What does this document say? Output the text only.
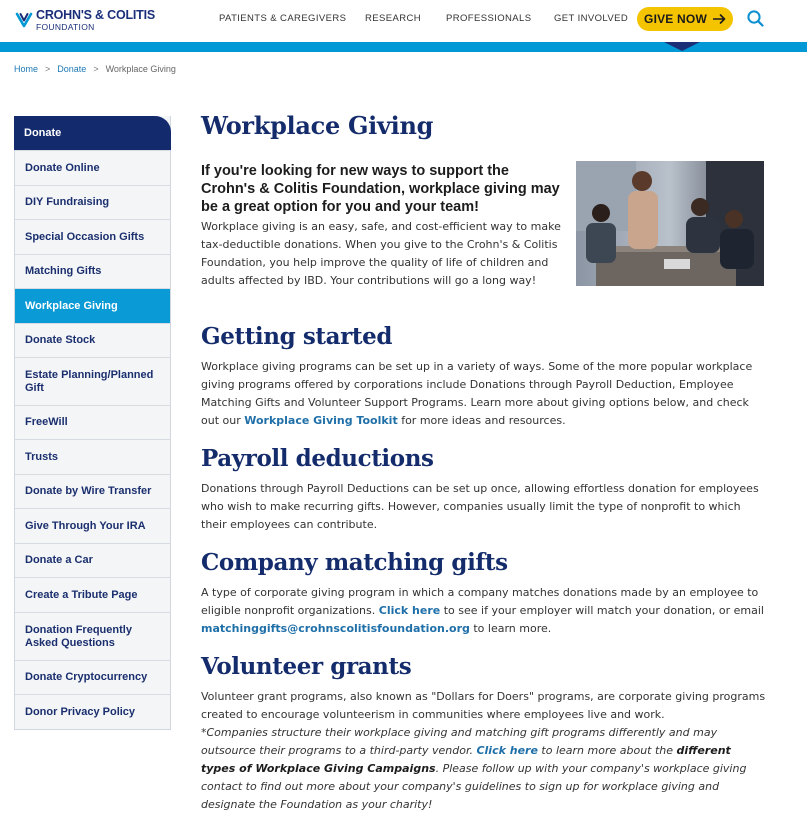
CROHN'S & COLITIS
FOUNDATION
PATIENTS & CAREGIVERS RESEARCH	PROFESSIONALS GET INVOLVED GIVE NOW
Home > Donate > Workplace Giving
Donate
Donate Online
DIY Fundraising
Special Occasion Gifts
Matching Gifts
Workplace Giving
Donate Stock
Estate Planning/Planned Gift
FreeWill
Trusts
Donate by Wire Transfer
Give Through Your IRA
Donate a Car
Create a Tribute Page
Donation Frequently Asked Questions
Donate Cryptocurrency
Donor Privacy Policy
Workplace Giving

If you're looking for new ways to support the Crohn's & Colitis Foundation, workplace giving may be a great option for you and your team!

Workplace giving is an easy, safe, and cost-efficient way to make tax-deductible donations. When you give to the Crohn's & Colitis Foundation, you help improve the quality of life of children and adults affected by IBD. Your contributions will go a long way!

Getting started

Workplace giving programs can be set up in a variety of ways. Some of the more popular workplace giving programs offered by corporations include Donations through Payroll Deduction, Employee Matching Gifts and Volunteer Support Programs. Learn more about giving options below, and check out our Workplace Giving Toolkit for more ideas and resources.

Payroll deductions

Donations through Payroll Deductions can be set up once, allowing effortless donation for employees who wish to make recurring gifts. However, companies usually limit the type of nonprofit to which their employees can contribute.

Company matching gifts

A type of corporate giving program in which a company matches donations made by an employee to eligible nonprofit organizations. Click here to see if your employer will match your donation, or email matchinggifts@crohnscolitisfoundation.org to learn more.

Volunteer grants

Volunteer grant programs, also known as "Dollars for Doers" programs, are corporate giving programs created to encourage volunteerism in communities where employees live and work.
*Companies structure their workplace giving and matching gift programs differently and may outsource their programs to a third-party vendor. Click here to learn more about the different types of Workplace Giving Campaigns. Please follow up with your company's workplace giving contact to find out more about your company's guidelines to sign up for workplace giving and designate the Foundation as your charity!
